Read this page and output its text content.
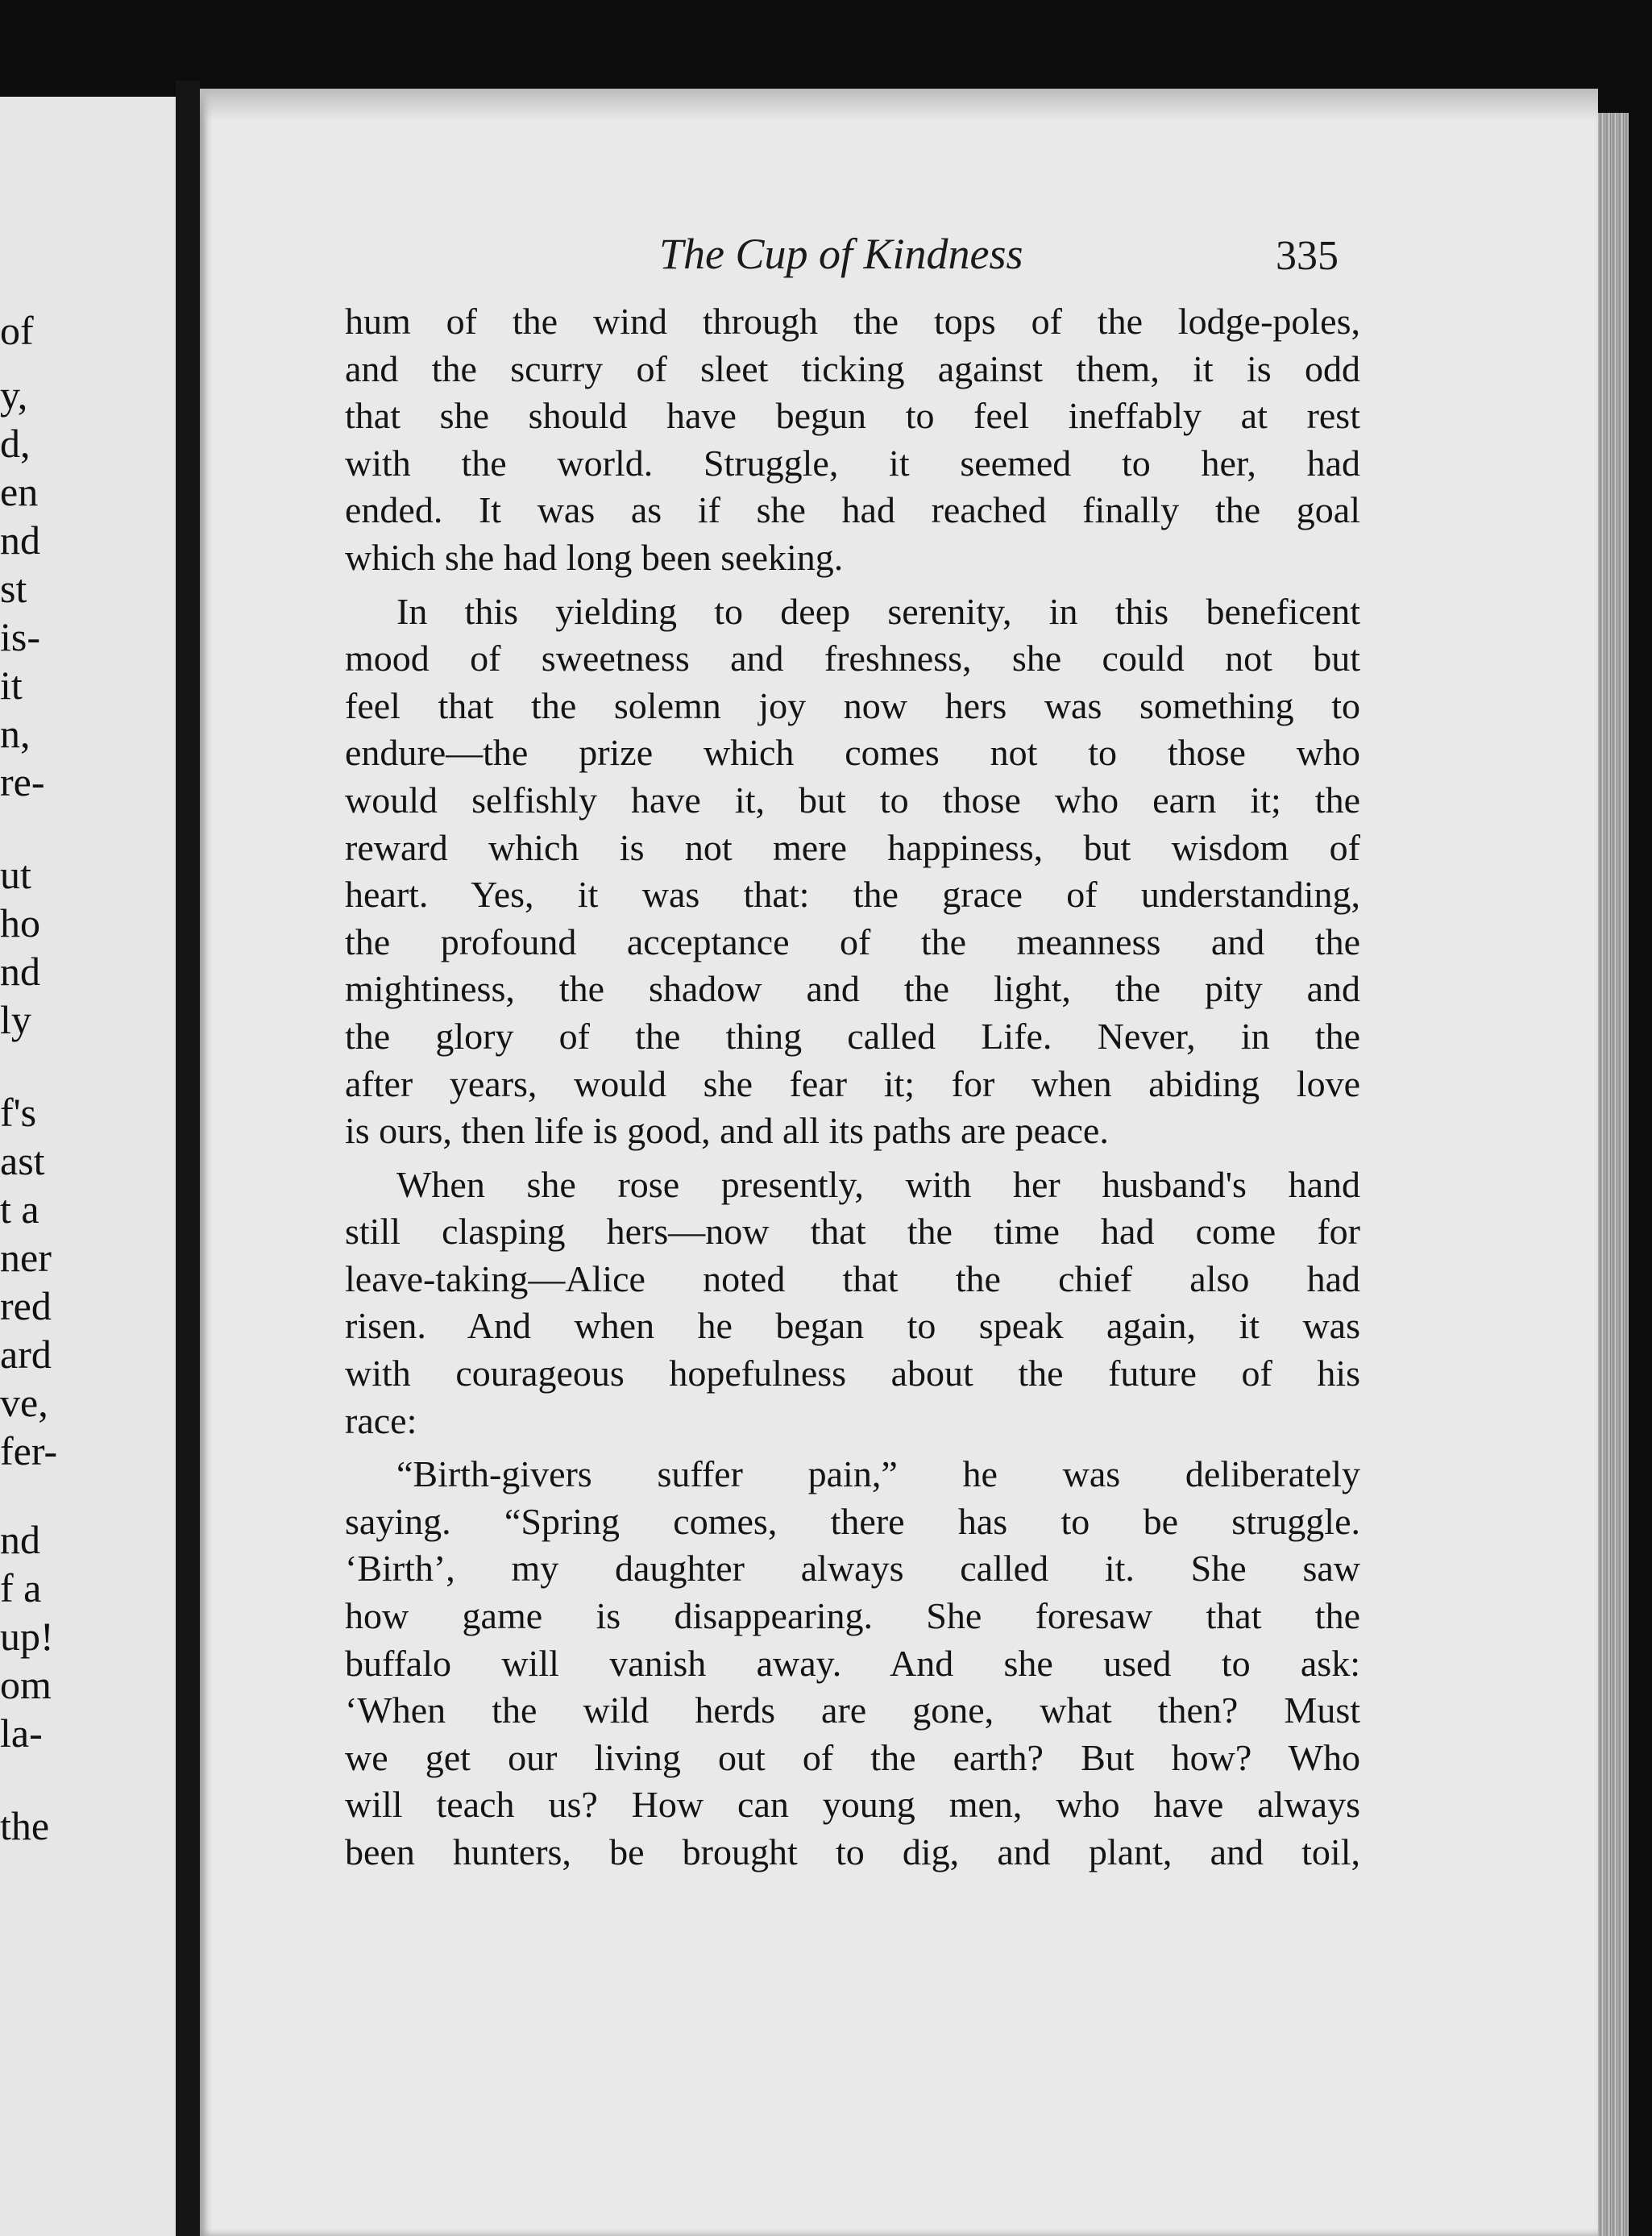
of
y,
d,
en
nd
st
is-
it
n,
re-
ut
ho
nd
ly
f's
ast
t a
ner
red
ard
ve,
fer-
nd
f a
up!
om
la-
the
The Cup of Kindness	335
hum of the wind through the tops of the lodge-poles,
and the scurry of sleet ticking against them, it is odd
that she should have begun to feel ineffably at rest
with the world. Struggle, it seemed to her, had
ended. It was as if she had reached finally the goal
which she had long been seeking.
In this yielding to deep serenity, in this beneficent
mood of sweetness and freshness, she could not but
feel that the solemn joy now hers was something to
endure—the prize which comes not to those who
would selfishly have it, but to those who earn it; the
reward which is not mere happiness, but wisdom of
heart. Yes, it was that: the grace of understanding,
the profound acceptance of the meanness and the
mightiness, the shadow and the light, the pity and
the glory of the thing called Life. Never, in the
after years, would she fear it; for when abiding love
is ours, then life is good, and all its paths are peace.
When she rose presently, with her husband's hand
still clasping hers—now that the time had come for
leave-taking—Alice noted that the chief also had
risen. And when he began to speak again, it was
with courageous hopefulness about the future of his
race:
“Birth-givers suffer pain,” he was deliberately
saying. “Spring comes, there has to be struggle.
‘Birth’, my daughter always called it. She saw
how game is disappearing. She foresaw that the
buffalo will vanish away. And she used to ask:
‘When the wild herds are gone, what then? Must
we get our living out of the earth? But how? Who
will teach us? How can young men, who have always
been hunters, be brought to dig, and plant, and toil,
